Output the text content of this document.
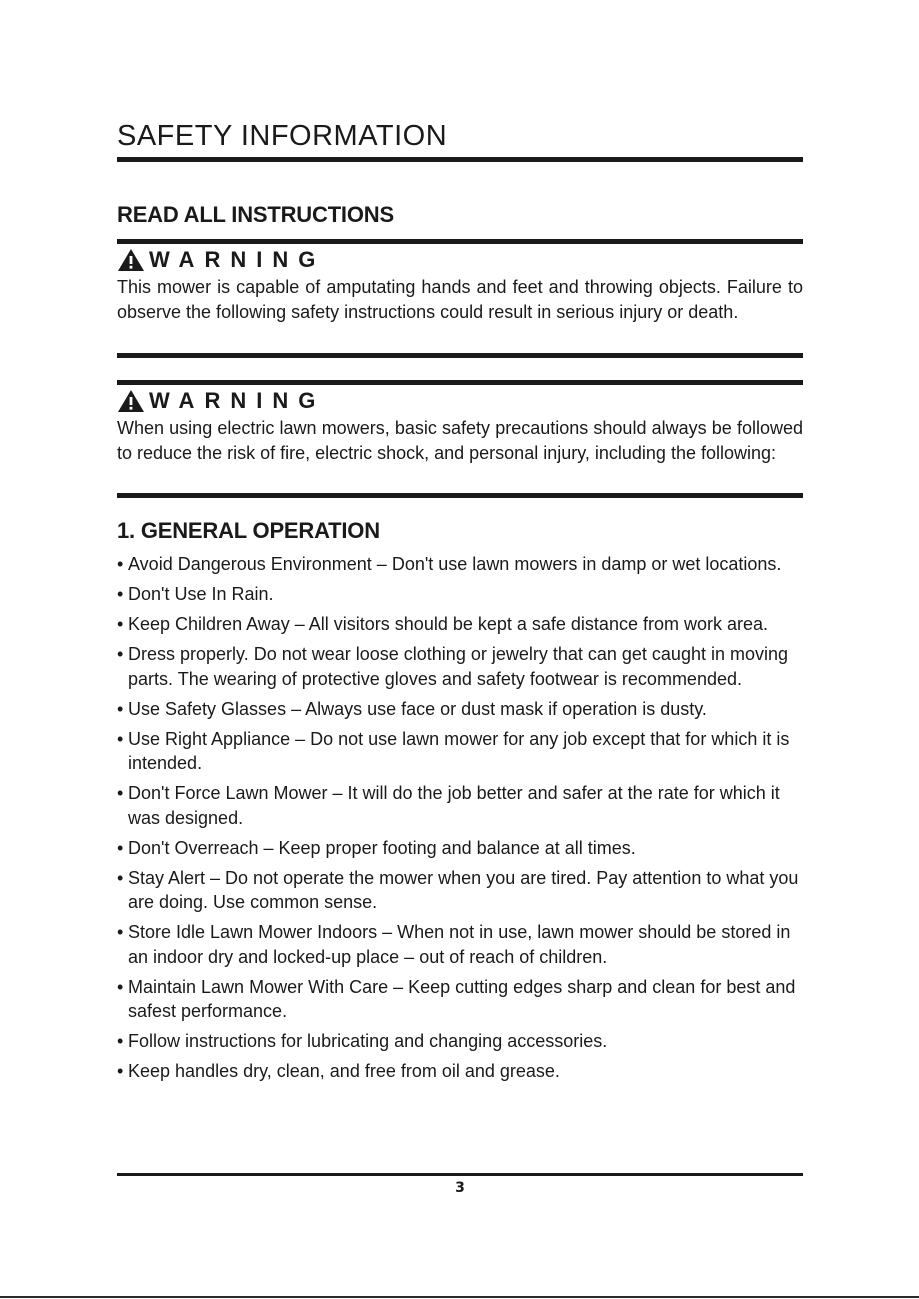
SAFETY INFORMATION
READ ALL INSTRUCTIONS
WARNING
This mower is capable of amputating hands and feet and throwing objects. Failure to observe the following safety instructions could result in serious injury or death.
WARNING
When using electric lawn mowers, basic safety precautions should always be followed to reduce the risk of fire, electric shock, and personal injury, including the following:
1. GENERAL OPERATION
• Avoid Dangerous Environment – Don't use lawn mowers in damp or wet locations.
• Don't Use In Rain.
• Keep Children Away – All visitors should be kept a safe distance from work area.
• Dress properly. Do not wear loose clothing or jewelry that can get caught in moving parts. The wearing of protective gloves and safety footwear is recommended.
• Use Safety Glasses – Always use face or dust mask if operation is dusty.
• Use Right Appliance – Do not use lawn mower for any job except that for which it is intended.
• Don't Force Lawn Mower – It will do the job better and safer at the rate for which it was designed.
• Don't Overreach – Keep proper footing and balance at all times.
• Stay Alert – Do not operate the mower when you are tired. Pay attention to what you are doing. Use common sense.
• Store Idle Lawn Mower Indoors – When not in use, lawn mower should be stored in an indoor dry and locked-up place – out of reach of children.
• Maintain Lawn Mower With Care – Keep cutting edges sharp and clean for best and safest performance.
• Follow instructions for lubricating and changing accessories.
• Keep handles dry, clean, and free from oil and grease.
3
